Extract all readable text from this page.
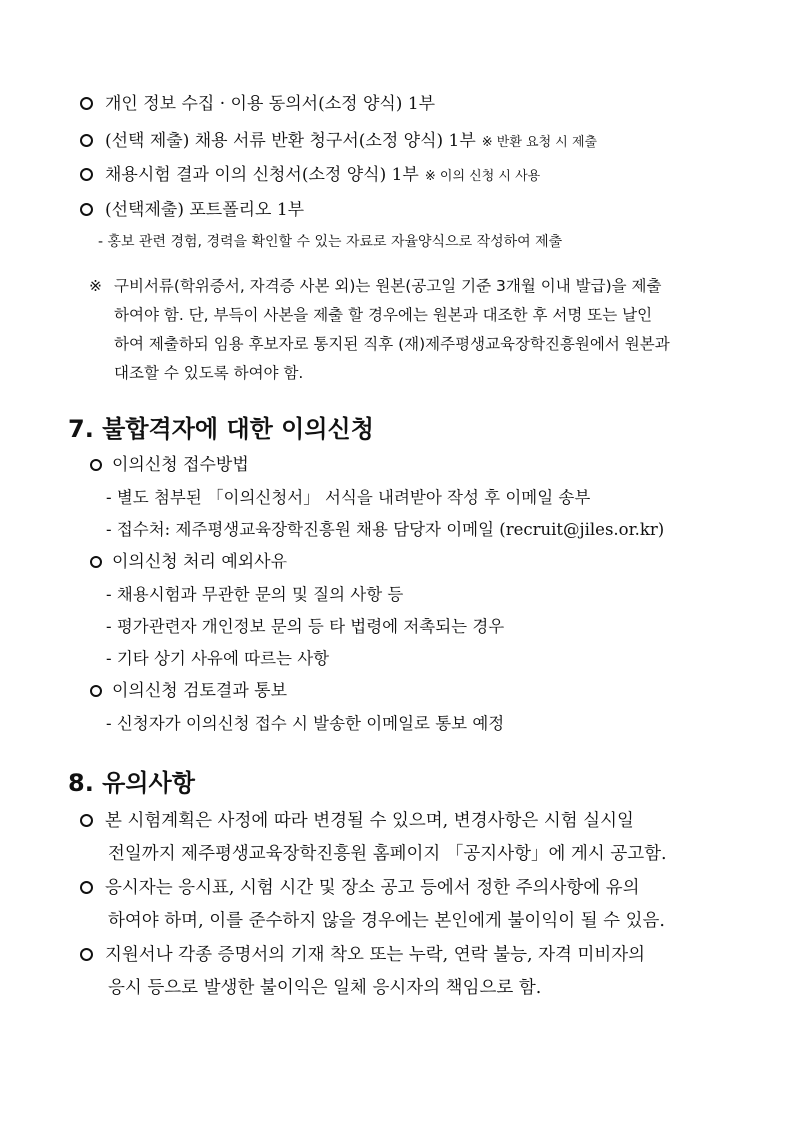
개인 정보 수집 · 이용 동의서(소정 양식) 1부
(선택 제출) 채용 서류 반환 청구서(소정 양식) 1부 ※ 반환 요청 시 제출
채용시험 결과 이의 신청서(소정 양식) 1부 ※ 이의 신청 시 사용
(선택제출) 포트폴리오 1부
- 홍보 관련 경험, 경력을 확인할 수 있는 자료로 자율양식으로 작성하여 제출
※ 구비서류(학위증서, 자격증 사본 외)는 원본(공고일 기준 3개월 이내 발급)을 제출
하여야 함. 단, 부득이 사본을 제출 할 경우에는 원본과 대조한 후 서명 또는 날인
하여 제출하되 임용 후보자로 통지된 직후 (재)제주평생교육장학진흥원에서 원본과
대조할 수 있도록 하여야 함.
7. 불합격자에 대한 이의신청
이의신청 접수방법
- 별도 첨부된 「이의신청서」 서식을 내려받아 작성 후 이메일 송부
- 접수처: 제주평생교육장학진흥원 채용 담당자 이메일 (recruit@jiles.or.kr)
이의신청 처리 예외사유
- 채용시험과 무관한 문의 및 질의 사항 등
- 평가관련자 개인정보 문의 등 타 법령에 저촉되는 경우
- 기타 상기 사유에 따르는 사항
이의신청 검토결과 통보
- 신청자가 이의신청 접수 시 발송한 이메일로 통보 예정
8. 유의사항
본 시험계획은 사정에 따라 변경될 수 있으며, 변경사항은 시험 실시일
전일까지 제주평생교육장학진흥원 홈페이지 「공지사항」에 게시 공고함.
응시자는 응시표, 시험 시간 및 장소 공고 등에서 정한 주의사항에 유의
하여야 하며, 이를 준수하지 않을 경우에는 본인에게 불이익이 될 수 있음.
지원서나 각종 증명서의 기재 착오 또는 누락, 연락 불능, 자격 미비자의
응시 등으로 발생한 불이익은 일체 응시자의 책임으로 함.
